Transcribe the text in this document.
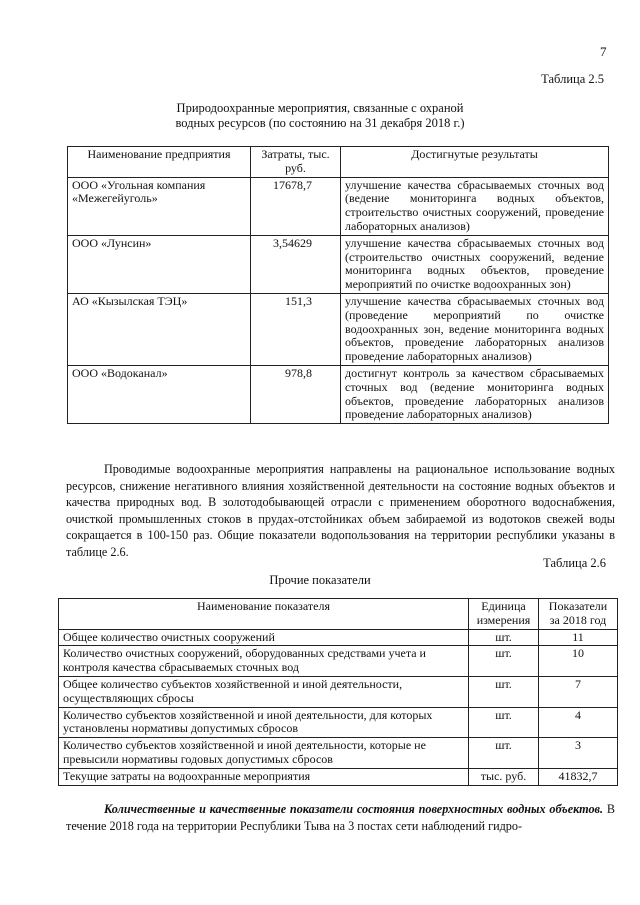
7
Таблица 2.5
Природоохранные мероприятия, связанные с охраной
водных ресурсов (по состоянию на 31 декабря 2018 г.)
Наименование предприятия	Затраты, тыс. руб.	Достигнутые результаты
ООО «Угольная компания «Межегейуголь»	17678,7	улучшение качества сбрасываемых сточных вод (ведение мониторинга водных объектов, строительство очистных сооружений, проведение лабораторных анализов)
ООО «Лунсин»	3,54629	улучшение качества сбрасываемых сточных вод (строительство очистных сооружений, ведение мониторинга водных объектов, проведение мероприятий по очистке водоохранных зон)
АО «Кызылская ТЭЦ»	151,3	улучшение качества сбрасываемых сточных вод (проведение мероприятий по очистке водоохранных зон, ведение мониторинга водных объектов, проведение лабораторных анализов проведение лабораторных анализов)
ООО «Водоканал»	978,8	достигнут контроль за качеством сбрасываемых сточных вод (ведение мониторинга водных объектов, проведение лабораторных анализов проведение лабораторных анализов)
Проводимые водоохранные мероприятия направлены на рациональное использование водных ресурсов, снижение негативного влияния хозяйственной деятельности на состояние водных объектов и качества природных вод. В золотодобывающей отрасли с применением оборотного водоснабжения, очисткой промышленных стоков в прудах-отстойниках объем забираемой из водотоков свежей воды сокращается в 100-150 раз. Общие показатели водопользования на территории республики указаны в таблице 2.6.
Таблица 2.6
Прочие показатели
Наименование показателя	Единица измерения	Показатели за 2018 год
Общее количество очистных сооружений	шт.	11
Количество очистных сооружений, оборудованных средствами учета и контроля качества сбрасываемых сточных вод	шт.	10
Общее количество субъектов хозяйственной и иной деятельности, осуществляющих сбросы	шт.	7
Количество субъектов хозяйственной и иной деятельности, для которых установлены нормативы допустимых сбросов	шт.	4
Количество субъектов хозяйственной и иной деятельности, которые не превысили нормативы годовых допустимых сбросов	шт.	3
Текущие затраты на водоохранные мероприятия	тыс. руб.	41832,7
Количественные и качественные показатели состояния поверхностных водных объектов. В течение 2018 года на территории Республики Тыва на 3 постах сети наблюдений гидро-
